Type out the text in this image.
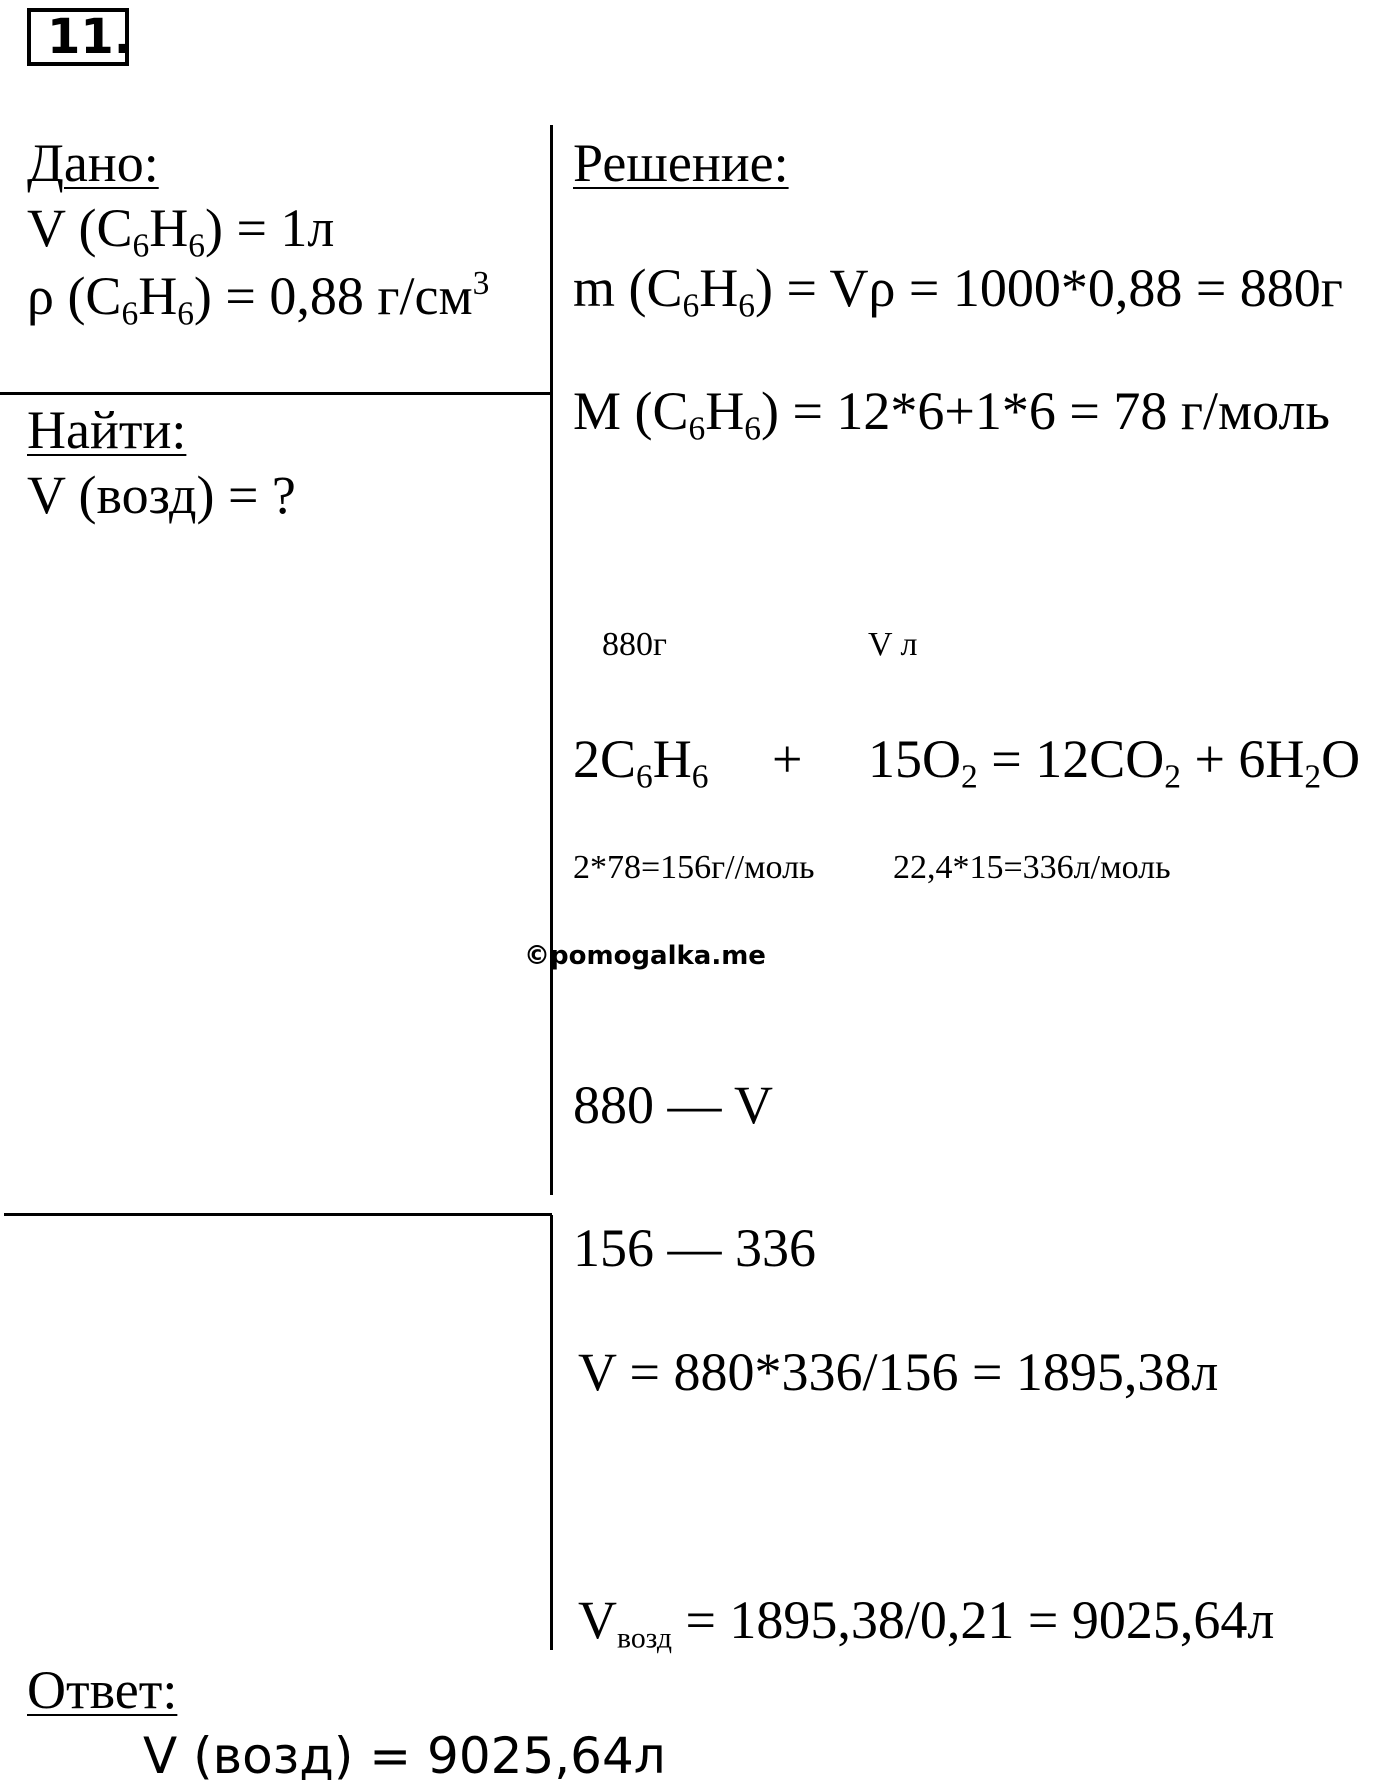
11.
Дано:
V $(C_6H_6) = 1л$
ρ $(C_6H_6) = 0,88$ $г/см^3$
Найти:
V (возд) = ?
Решение:
m $(C_6H_6) = V\rho = 1000*0,88 = 880г$
M $(C_6H_6) = 12*6+1*6 = 78$ г/моль
880г	V л
$2C_6H_6 + 15O_2 = 12CO_2 + 6H_2O$
2*78=156г//моль 22,4*15=336л/моль
©pomogalka.me
880 — V
156 — 336
V = 880*336/156 = 1895,38л
$V_{возд} = 1895,38/0,21 = 9025,64л$
Ответ:
V (возд) = 9025,64л
